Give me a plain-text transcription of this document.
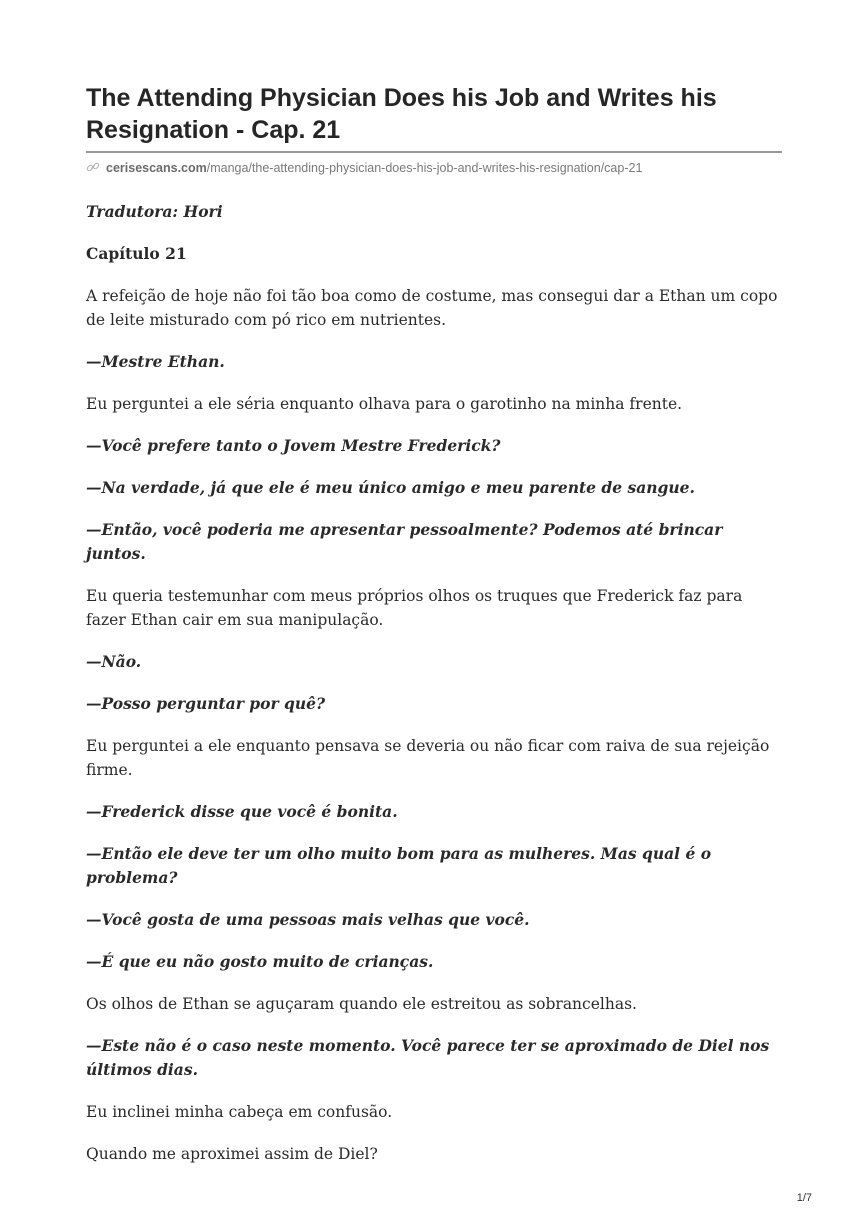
The Attending Physician Does his Job and Writes his Resignation - Cap. 21
cerisescans.com/manga/the-attending-physician-does-his-job-and-writes-his-resignation/cap-21

Tradutora: Hori

Capítulo 21

A refeição de hoje não foi tão boa como de costume, mas consegui dar a Ethan um copo de leite misturado com pó rico em nutrientes.

—Mestre Ethan.

Eu perguntei a ele séria enquanto olhava para o garotinho na minha frente.

—Você prefere tanto o Jovem Mestre Frederick?

—Na verdade, já que ele é meu único amigo e meu parente de sangue.

—Então, você poderia me apresentar pessoalmente? Podemos até brincar juntos.

Eu queria testemunhar com meus próprios olhos os truques que Frederick faz para fazer Ethan cair em sua manipulação.

—Não.

—Posso perguntar por quê?

Eu perguntei a ele enquanto pensava se deveria ou não ficar com raiva de sua rejeição firme.

—Frederick disse que você é bonita.

—Então ele deve ter um olho muito bom para as mulheres. Mas qual é o problema?

—Você gosta de uma pessoas mais velhas que você.

—É que eu não gosto muito de crianças.

Os olhos de Ethan se aguçaram quando ele estreitou as sobrancelhas.

—Este não é o caso neste momento. Você parece ter se aproximado de Diel nos últimos dias.

Eu inclinei minha cabeça em confusão.

Quando me aproximei assim de Diel?

1/7
